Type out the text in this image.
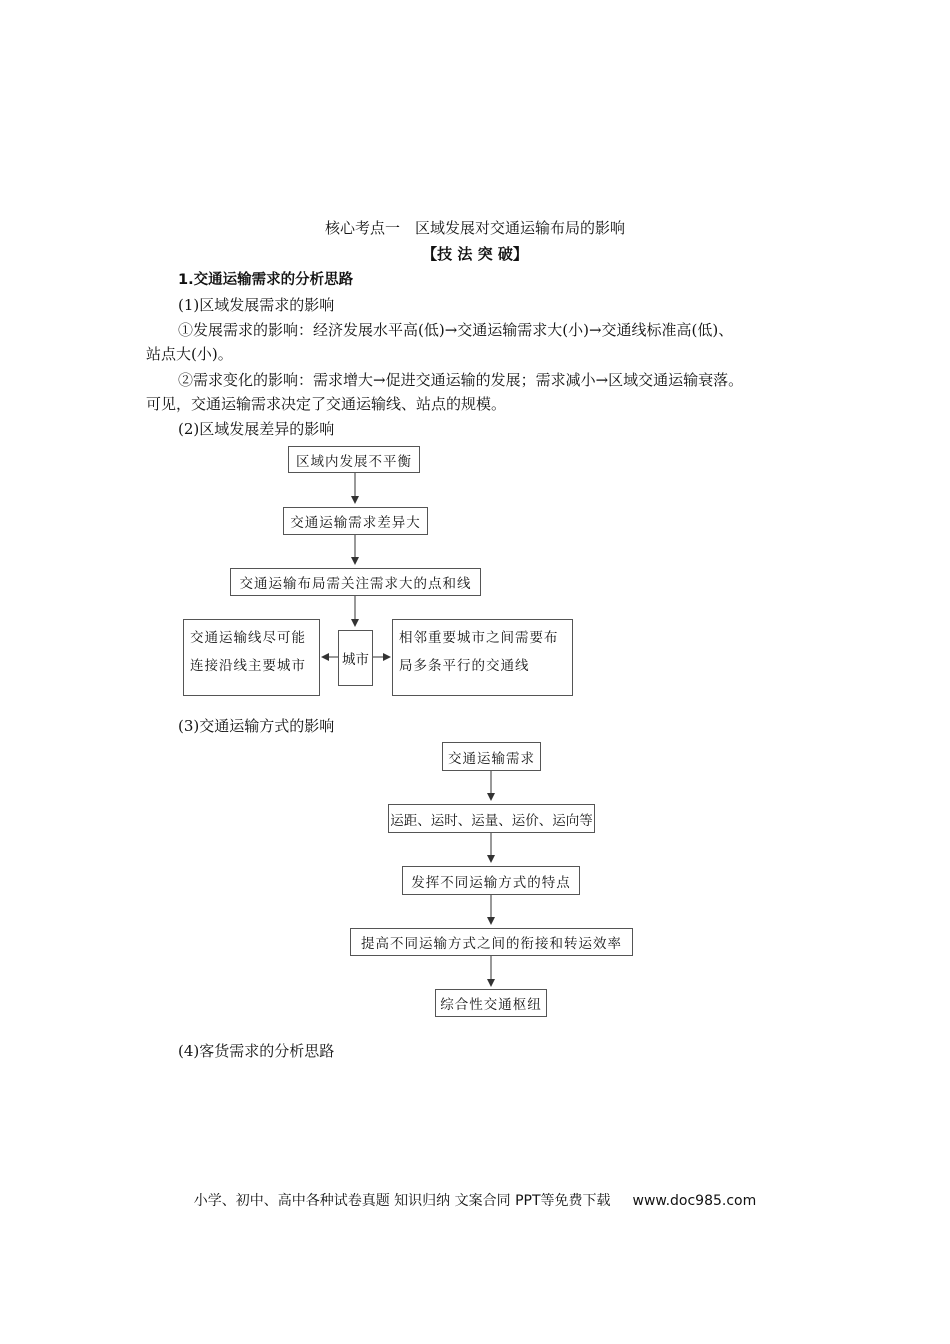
核心考点一　区域发展对交通运输布局的影响
【技 法 突 破】
1.交通运输需求的分析思路
(1)区域发展需求的影响
①发展需求的影响：经济发展水平高(低)→交通运输需求大(小)→交通线标准高(低)、
站点大(小)。
②需求变化的影响：需求增大→促进交通运输的发展；需求减小→区域交通运输衰落。
可见，交通运输需求决定了交通运输线、站点的规模。
(2)区域发展差异的影响
区域内发展不平衡
交通运输需求差异大
交通运输布局需关注需求大的点和线
交通运输线尽可能连接沿线主要城市	城市
相邻重要城市之间需要布局多条平行的交通线
(3)交通运输方式的影响
交通运输需求
运距、运时、运量、运价、运向等
发挥不同运输方式的特点
提高不同运输方式之间的衔接和转运效率
综合性交通枢纽
(4)客货需求的分析思路
小学、初中、高中各种试卷真题 知识归纳 文案合同 PPT等免费下载 www.doc985.com
